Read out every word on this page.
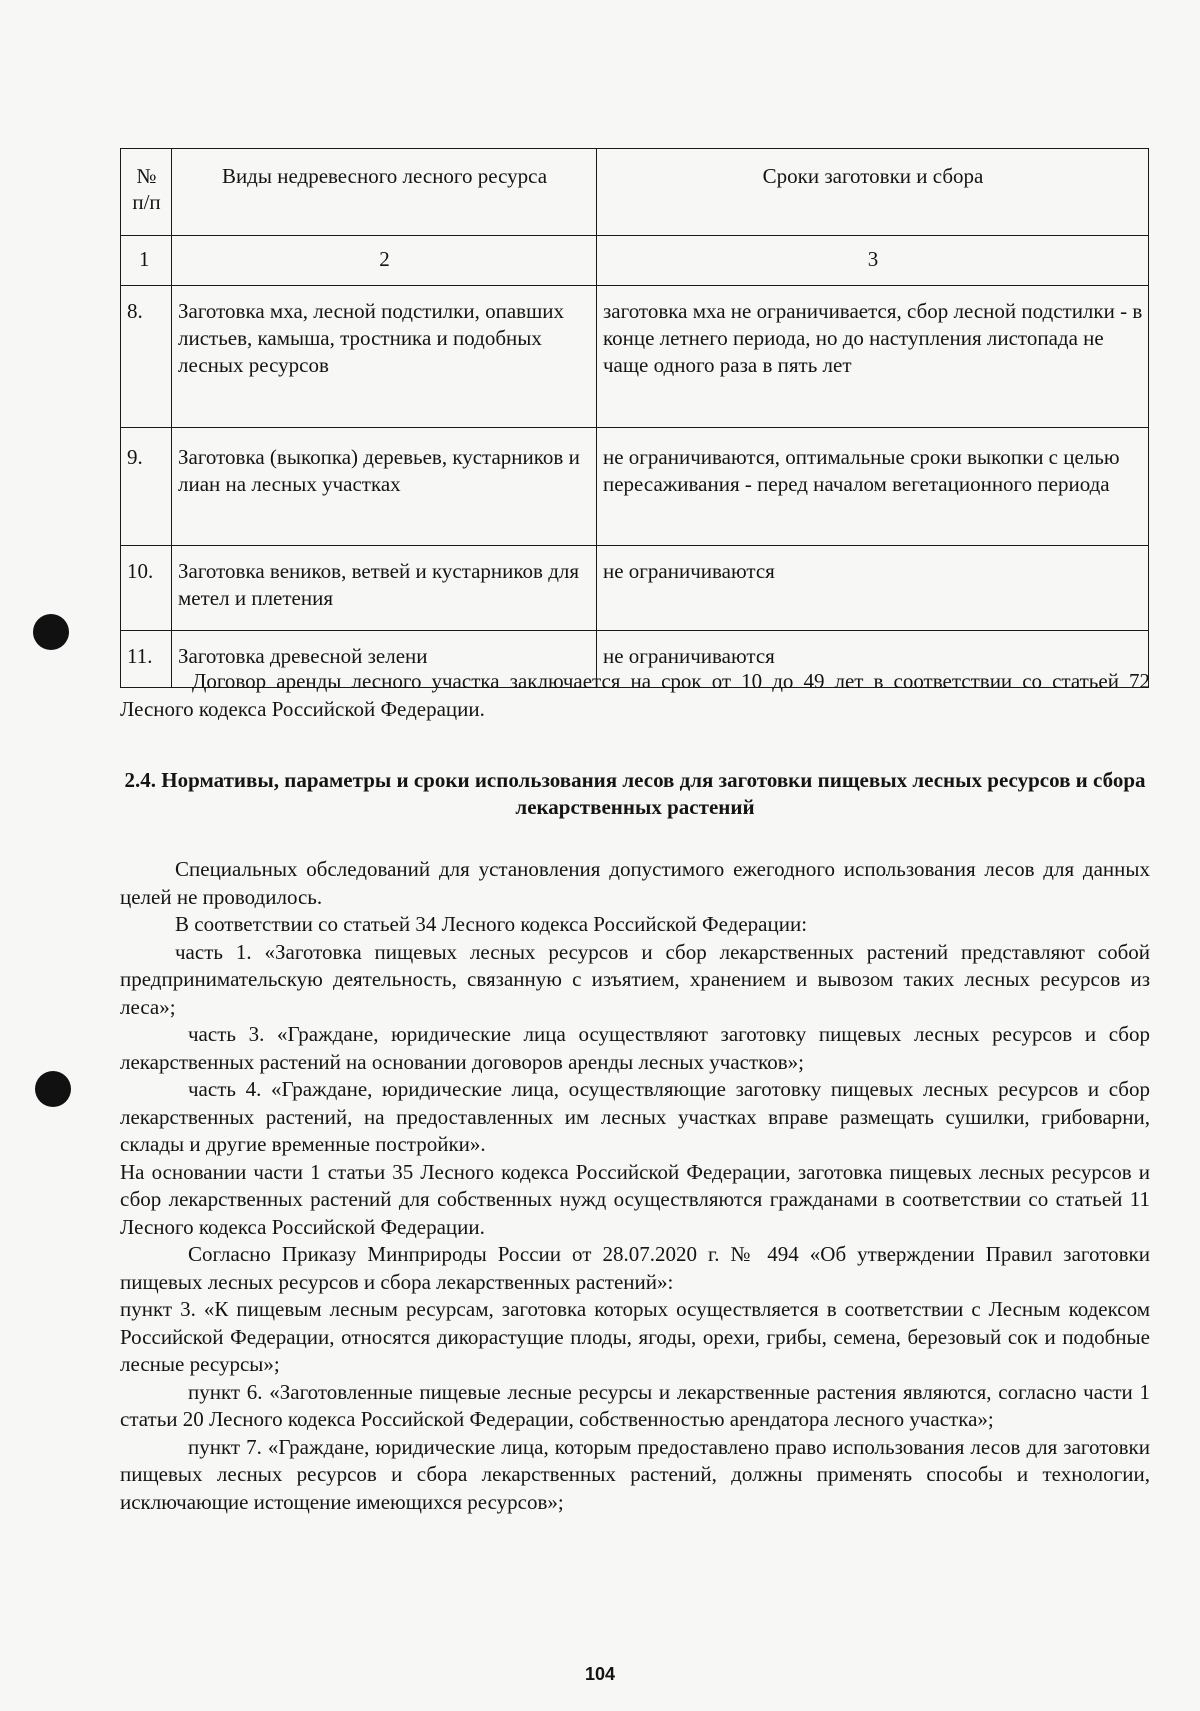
№ п/п	Виды недревесного лесного ресурса	Сроки заготовки и сбора
1	2	3
8.	Заготовка мха, лесной подстилки, опавших листьев, камыша, тростника и подобных лесных ресурсов	заготовка мха не ограничивается, сбор лесной подстилки - в конце летнего периода, но до наступления листопада не чаще одного раза в пять лет
9.	Заготовка (выкопка) деревьев, кустарников и лиан на лесных участках	не ограничиваются, оптимальные сроки выкопки с целью пересаживания - перед началом вегетационного периода
10.	Заготовка веников, ветвей и кустарников для метел и плетения	не ограничиваются
11.	Заготовка древесной зелени	не ограничиваются

Договор аренды лесного участка заключается на срок от 10 до 49 лет в соответствии со статьей 72 Лесного кодекса Российской Федерации.

2.4. Нормативы, параметры и сроки использования лесов для заготовки пищевых лесных ресурсов и сбора лекарственных растений

Специальных обследований для установления допустимого ежегодного использования лесов для данных целей не проводилось.

В соответствии со статьей 34 Лесного кодекса Российской Федерации:

часть 1. «Заготовка пищевых лесных ресурсов и сбор лекарственных растений представляют собой предпринимательскую деятельность, связанную с изъятием, хранением и вывозом таких лесных ресурсов из леса»;

часть 3. «Граждане, юридические лица осуществляют заготовку пищевых лесных ресурсов и сбор лекарственных растений на основании договоров аренды лесных участков»;

часть 4. «Граждане, юридические лица, осуществляющие заготовку пищевых лесных ресурсов и сбор лекарственных растений, на предоставленных им лесных участках вправе размещать сушилки, грибоварни, склады и другие временные постройки».

На основании части 1 статьи 35 Лесного кодекса Российской Федерации, заготовка пищевых лесных ресурсов и сбор лекарственных растений для собственных нужд осуществляются гражданами в соответствии со статьей 11 Лесного кодекса Российской Федерации.

Согласно Приказу Минприроды России от 28.07.2020 г. № 494 «Об утверждении Правил заготовки пищевых лесных ресурсов и сбора лекарственных растений»:

пункт 3. «К пищевым лесным ресурсам, заготовка которых осуществляется в соответствии с Лесным кодексом Российской Федерации, относятся дикорастущие плоды, ягоды, орехи, грибы, семена, березовый сок и подобные лесные ресурсы»;

пункт 6. «Заготовленные пищевые лесные ресурсы и лекарственные растения являются, согласно части 1 статьи 20 Лесного кодекса Российской Федерации, собственностью арендатора лесного участка»;

пункт 7. «Граждане, юридические лица, которым предоставлено право использования лесов для заготовки пищевых лесных ресурсов и сбора лекарственных растений, должны применять способы и технологии, исключающие истощение имеющихся ресурсов»;

104
